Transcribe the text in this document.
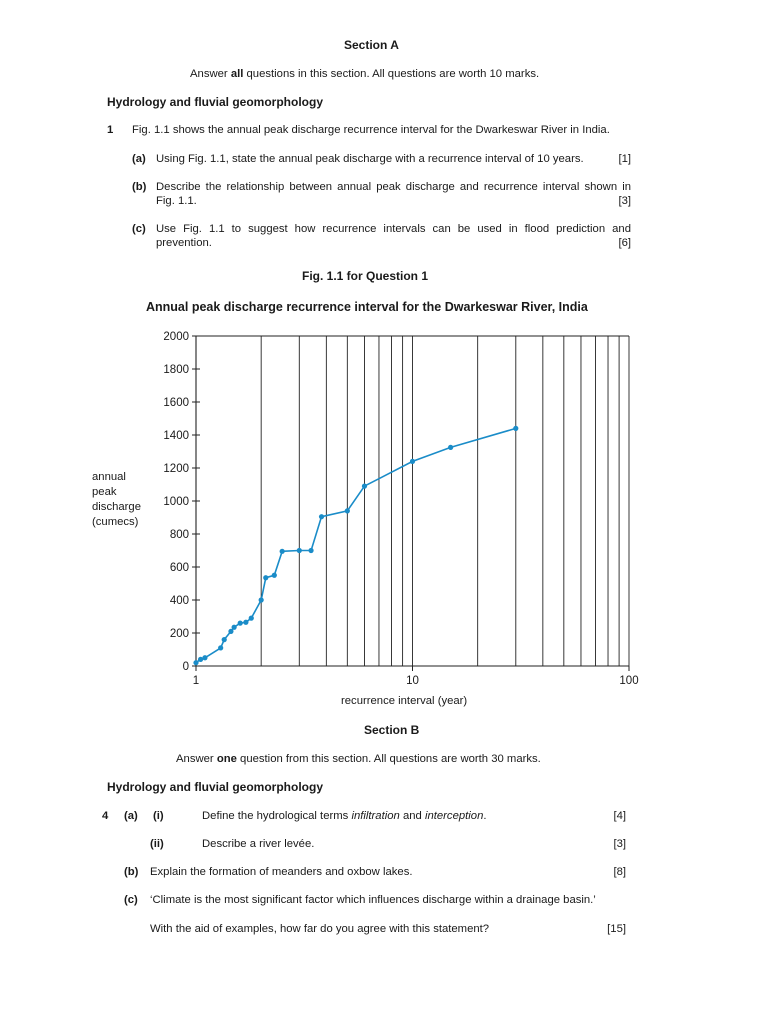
Section A
Answer all questions in this section. All questions are worth 10 marks.
Hydrology and fluvial geomorphology
1 Fig. 1.1 shows the annual peak discharge recurrence interval for the Dwarkeswar River in India.
(a) Using Fig. 1.1, state the annual peak discharge with a recurrence interval of 10 years.	[1]
(b) Describe the relationship between annual peak discharge and recurrence interval shown in
Fig. 1.1.	[3]
(c) Use Fig. 1.1 to suggest how recurrence intervals can be used in flood prediction and
prevention.	[6]
Fig. 1.1 for Question 1
Annual peak discharge recurrence interval for the Dwarkeswar River, India
annual
peak
discharge
(cumecs)
0
200
400
600
800
1000
1200
1400
1600
1800
2000
1	10	100
recurrence interval (year)
Section B
Answer one question from this section. All questions are worth 30 marks.
Hydrology and fluvial geomorphology
4 (a) (i)	Define the hydrological terms infiltration and interception.	[4]
(ii)	Describe a river levée.	[3]
(b) Explain the formation of meanders and oxbow lakes.	[8]
(c) ‘Climate is the most significant factor which influences discharge within a drainage basin.’
With the aid of examples, how far do you agree with this statement?	[15]
